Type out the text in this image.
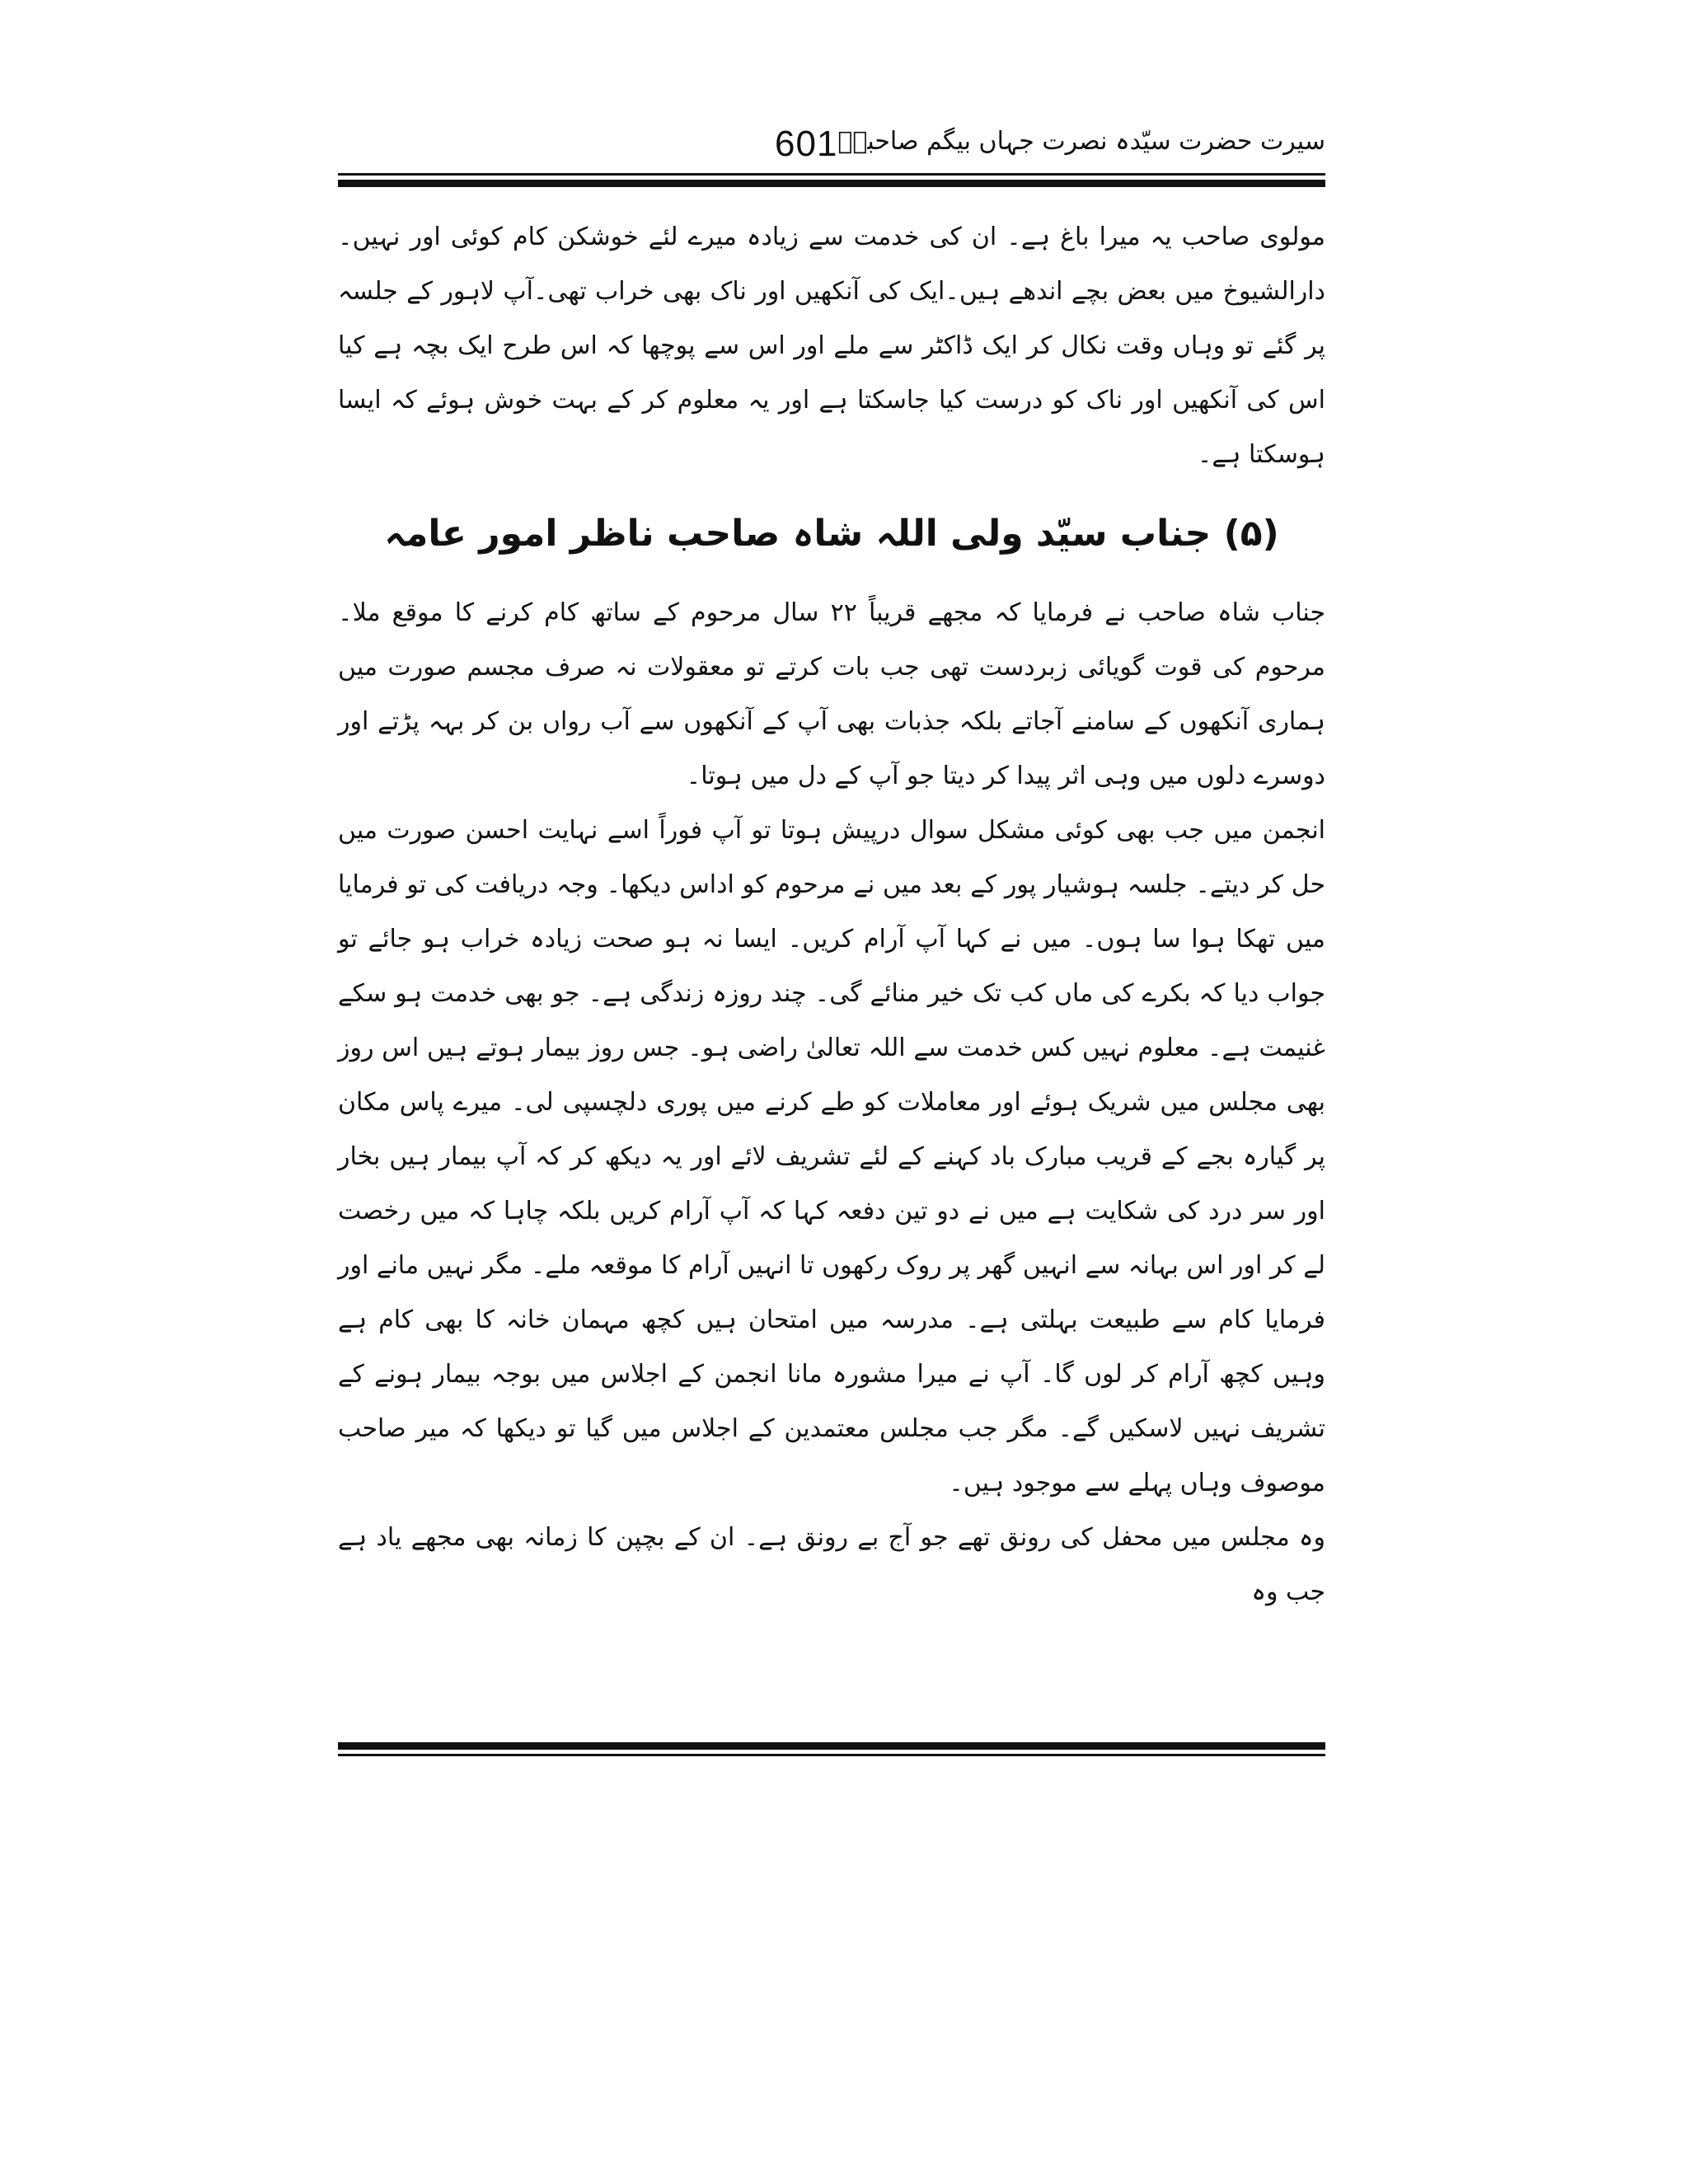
سیرت حضرت سیّدہ نصرت جہاں بیگم صاحبہؓ
601

مولوی صاحب یہ میرا باغ ہے۔ ان کی خدمت سے زیادہ میرے لئے خوشکن کام کوئی اور نہیں۔ دارالشیوخ میں بعض بچے اندھے ہیں۔ایک کی آنکھیں اور ناک بھی خراب تھی۔آپ لاہور کے جلسہ پر گئے تو وہاں وقت نکال کر ایک ڈاکٹر سے ملے اور اس سے پوچھا کہ اس طرح ایک بچہ ہے کیا اس کی آنکھیں اور ناک کو درست کیا جاسکتا ہے اور یہ معلوم کر کے بہت خوش ہوئے کہ ایسا ہوسکتا ہے۔

(۵) جناب سیّد ولی اللہ شاہ صاحب ناظر امور عامہ

جناب شاہ صاحب نے فرمایا کہ مجھے قریباً ۲۲ سال مرحوم کے ساتھ کام کرنے کا موقع ملا۔ مرحوم کی قوت گویائی زبردست تھی جب بات کرتے تو معقولات نہ صرف مجسم صورت میں ہماری آنکھوں کے سامنے آجاتے بلکہ جذبات بھی آپ کے آنکھوں سے آب رواں بن کر بہہ پڑتے اور دوسرے دلوں میں وہی اثر پیدا کر دیتا جو آپ کے دل میں ہوتا۔

انجمن میں جب بھی کوئی مشکل سوال درپیش ہوتا تو آپ فوراً اسے نہایت احسن صورت میں حل کر دیتے۔ جلسہ ہوشیار پور کے بعد میں نے مرحوم کو اداس دیکھا۔ وجہ دریافت کی تو فرمایا میں تھکا ہوا سا ہوں۔ میں نے کہا آپ آرام کریں۔ ایسا نہ ہو صحت زیادہ خراب ہو جائے تو جواب دیا کہ بکرے کی ماں کب تک خیر منائے گی۔ چند روزہ زندگی ہے۔ جو بھی خدمت ہو سکے غنیمت ہے۔ معلوم نہیں کس خدمت سے اللہ تعالیٰ راضی ہو۔ جس روز بیمار ہوتے ہیں اس روز بھی مجلس میں شریک ہوئے اور معاملات کو طے کرنے میں پوری دلچسپی لی۔ میرے پاس مکان پر گیارہ بجے کے قریب مبارک باد کہنے کے لئے تشریف لائے اور یہ دیکھ کر کہ آپ بیمار ہیں بخار اور سر درد کی شکایت ہے میں نے دو تین دفعہ کہا کہ آپ آرام کریں بلکہ چاہا کہ میں رخصت لے کر اور اس بہانہ سے انہیں گھر پر روک رکھوں تا انہیں آرام کا موقعہ ملے۔ مگر نہیں مانے اور فرمایا کام سے طبیعت بہلتی ہے۔ مدرسہ میں امتحان ہیں کچھ مہمان خانہ کا بھی کام ہے وہیں کچھ آرام کر لوں گا۔ آپ نے میرا مشورہ مانا انجمن کے اجلاس میں بوجہ بیمار ہونے کے تشریف نہیں لاسکیں گے۔ مگر جب مجلس معتمدین کے اجلاس میں گیا تو دیکھا کہ میر صاحب موصوف وہاں پہلے سے موجود ہیں۔

وہ مجلس میں محفل کی رونق تھے جو آج بے رونق ہے۔ ان کے بچپن کا زمانہ بھی مجھے یاد ہے جب وہ
